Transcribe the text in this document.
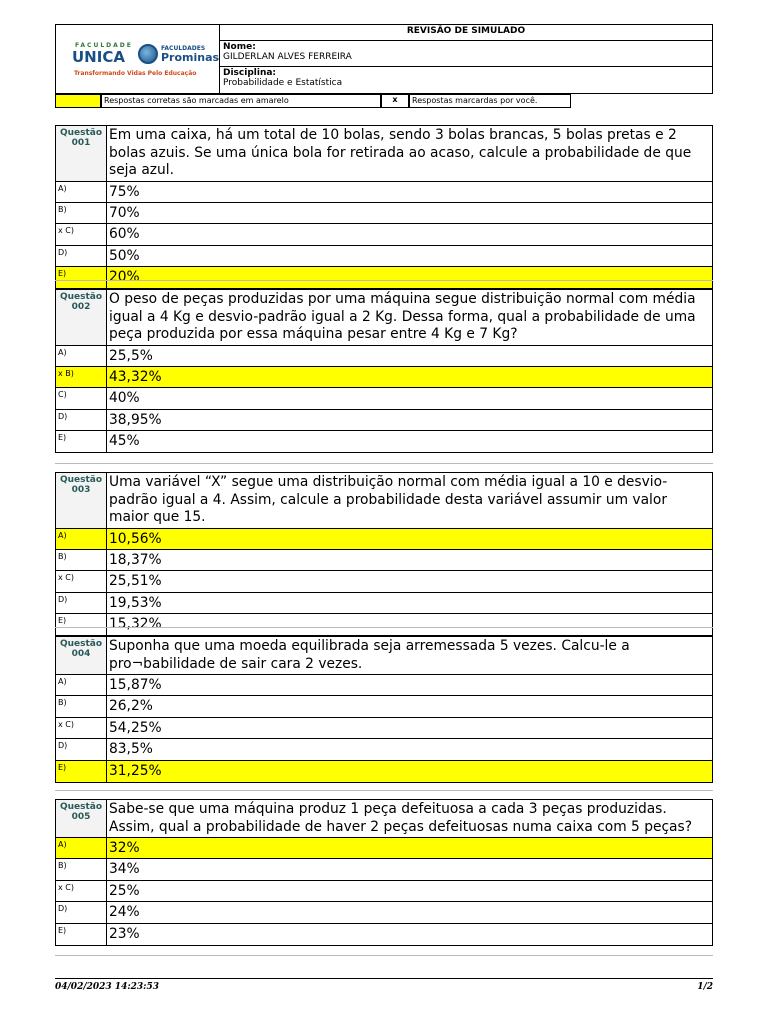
FACULDADE
UNICA	FACULDADES
Prominas
Transformando Vidas Pelo Educação
REVISÃO DE SIMULADO
Nome:
GILDERLAN ALVES FERREIRA
Disciplina:
Probabilidade e Estatística
Respostas corretas são marcadas em amarelo	x	Respostas marcardas por você.
Questão
001	Em uma caixa, há um total de 10 bolas, sendo 3 bolas brancas, 5 bolas pretas e 2 bolas azuis. Se uma única bola for retirada ao acaso, calcule a probabilidade de que seja azul.
A)	75%
B)	70%
x C)	60%
D)	50%
E)	20%
Questão
002	O peso de peças produzidas por uma máquina segue distribuição normal com média igual a 4 Kg e desvio-padrão igual a 2 Kg. Dessa forma, qual a probabilidade de uma peça produzida por essa máquina pesar entre 4 Kg e 7 Kg?
A)	25,5%
x B)	43,32%
C)	40%
D)	38,95%
E)	45%
Questão
003	Uma variável “X” segue uma distribuição normal com média igual a 10 e desvio-padrão igual a 4. Assim, calcule a probabilidade desta variável assumir um valor maior que 15.
A)	10,56%
B)	18,37%
x C)	25,51%
D)	19,53%
E)	15,32%
Questão
004	Suponha que uma moeda equilibrada seja arremessada 5 vezes. Calcu-le a pro¬babilidade de sair cara 2 vezes.
A)	15,87%
B)	26,2%
x C)	54,25%
D)	83,5%
E)	31,25%
Questão
005	Sabe-se que uma máquina produz 1 peça defeituosa a cada 3 peças produzidas. Assim, qual a probabilidade de haver 2 peças defeituosas numa caixa com 5 peças?
A)	32%
B)	34%
x C)	25%
D)	24%
E)	23%
04/02/2023 14:23:53	1/2
